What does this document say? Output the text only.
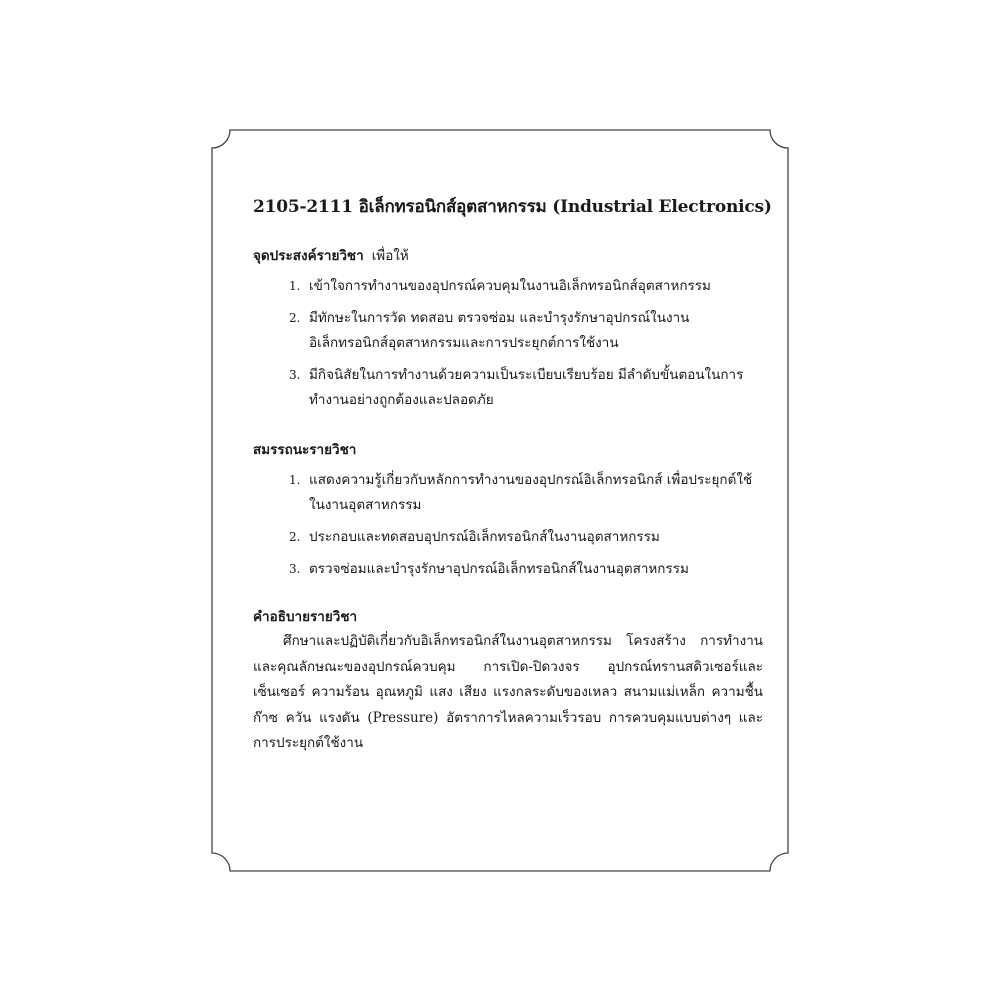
2105-2111 อิเล็กทรอนิกส์อุตสาหกรรม (Industrial Electronics)

จุดประสงค์รายวิชา เพื่อให้

1. เข้าใจการทำงานของอุปกรณ์ควบคุมในงานอิเล็กทรอนิกส์อุตสาหกรรม
2. มีทักษะในการวัด ทดสอบ ตรวจซ่อม และบำรุงรักษาอุปกรณ์ในงานอิเล็กทรอนิกส์อุตสาหกรรมและการประยุกต์การใช้งาน
3. มีกิจนิสัยในการทำงานด้วยความเป็นระเบียบเรียบร้อย มีลำดับขั้นตอนในการทำงานอย่างถูกต้องและปลอดภัย

สมรรถนะรายวิชา

1. แสดงความรู้เกี่ยวกับหลักการทำงานของอุปกรณ์อิเล็กทรอนิกส์ เพื่อประยุกต์ใช้ในงานอุตสาหกรรม
2. ประกอบและทดสอบอุปกรณ์อิเล็กทรอนิกส์ในงานอุตสาหกรรม
3. ตรวจซ่อมและบำรุงรักษาอุปกรณ์อิเล็กทรอนิกส์ในงานอุตสาหกรรม

คำอธิบายรายวิชา

ศึกษาและปฏิบัติเกี่ยวกับอิเล็กทรอนิกส์ในงานอุตสาหกรรม โครงสร้าง การทำงาน และคุณลักษณะของอุปกรณ์ควบคุม การเปิด-ปิดวงจร อุปกรณ์ทรานสดิวเซอร์และเซ็นเซอร์ ความร้อน อุณหภูมิ แสง เสียง แรงกลระดับของเหลว สนามแม่เหล็ก ความชื้น ก๊าซ ควัน แรงดัน (Pressure) อัตราการไหลความเร็วรอบ การควบคุมแบบต่างๆ และการประยุกต์ใช้งาน
